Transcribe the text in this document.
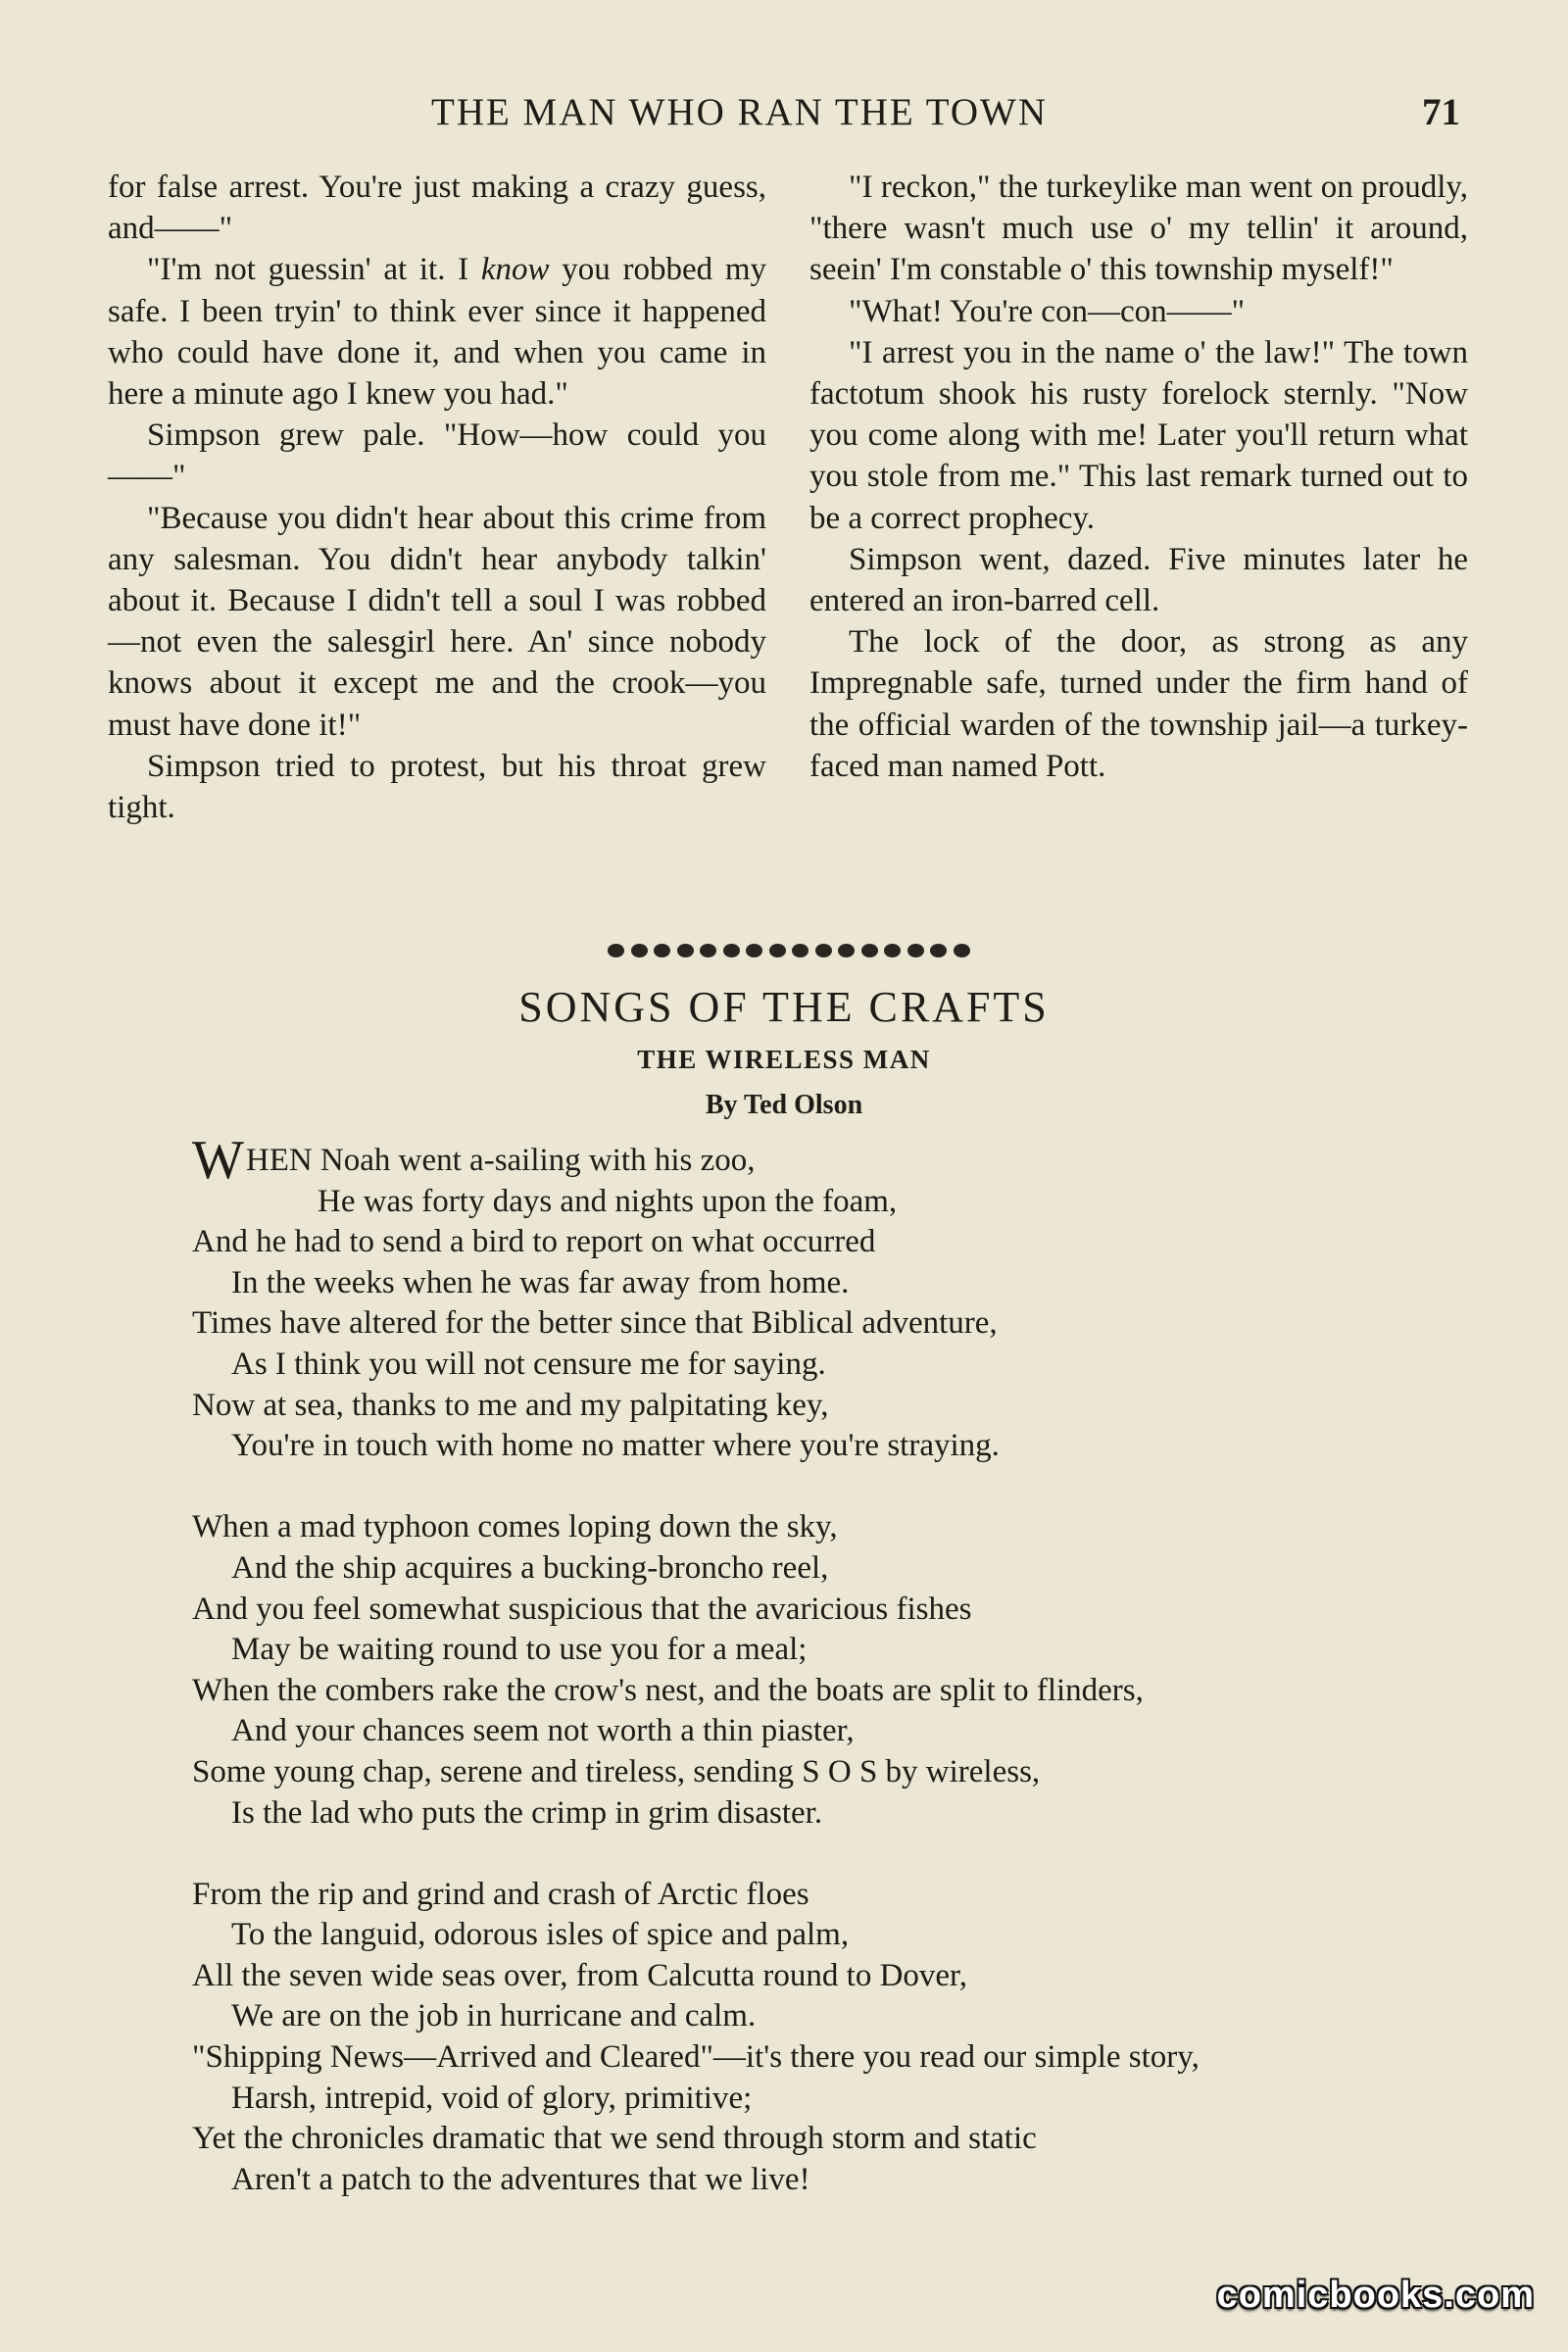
THE MAN WHO RAN THE TOWN	71

for false arrest. You're just making a crazy guess, and——"

"I'm not guessin' at it. I know you robbed my safe. I been tryin' to think ever since it happened who could have done it, and when you came in here a minute ago I knew you had."

Simpson grew pale. "How—how could you——"

"Because you didn't hear about this crime from any salesman. You didn't hear anybody talkin' about it. Because I didn't tell a soul I was robbed—not even the salesgirl here. An' since nobody knows about it except me and the crook—you must have done it!"

Simpson tried to protest, but his throat grew tight.

"I reckon," the turkeylike man went on proudly, "there wasn't much use o' my tellin' it around, seein' I'm constable o' this township myself!"

"What! You're con—con——"

"I arrest you in the name o' the law!" The town factotum shook his rusty forelock sternly. "Now you come along with me! Later you'll return what you stole from me." This last remark turned out to be a correct prophecy.

Simpson went, dazed. Five minutes later he entered an iron-barred cell.

The lock of the door, as strong as any Impregnable safe, turned under the firm hand of the official warden of the township jail—a turkey-faced man named Pott.

SONGS OF THE CRAFTS
THE WIRELESS MAN
By Ted Olson
WHEN Noah went a-sailing with his zoo,
He was forty days and nights upon the foam,
And he had to send a bird to report on what occurred
In the weeks when he was far away from home.
Times have altered for the better since that Biblical adventure,
As I think you will not censure me for saying.
Now at sea, thanks to me and my palpitating key,
You're in touch with home no matter where you're straying.
When a mad typhoon comes loping down the sky,
And the ship acquires a bucking-broncho reel,
And you feel somewhat suspicious that the avaricious fishes
May be waiting round to use you for a meal;
When the combers rake the crow's nest, and the boats are split to flinders,
And your chances seem not worth a thin piaster,
Some young chap, serene and tireless, sending S O S by wireless,
Is the lad who puts the crimp in grim disaster.
From the rip and grind and crash of Arctic floes
To the languid, odorous isles of spice and palm,
All the seven wide seas over, from Calcutta round to Dover,
We are on the job in hurricane and calm.
"Shipping News—Arrived and Cleared"—it's there you read our simple story,
Harsh, intrepid, void of glory, primitive;
Yet the chronicles dramatic that we send through storm and static
Aren't a patch to the adventures that we live!
comicbooks.com
